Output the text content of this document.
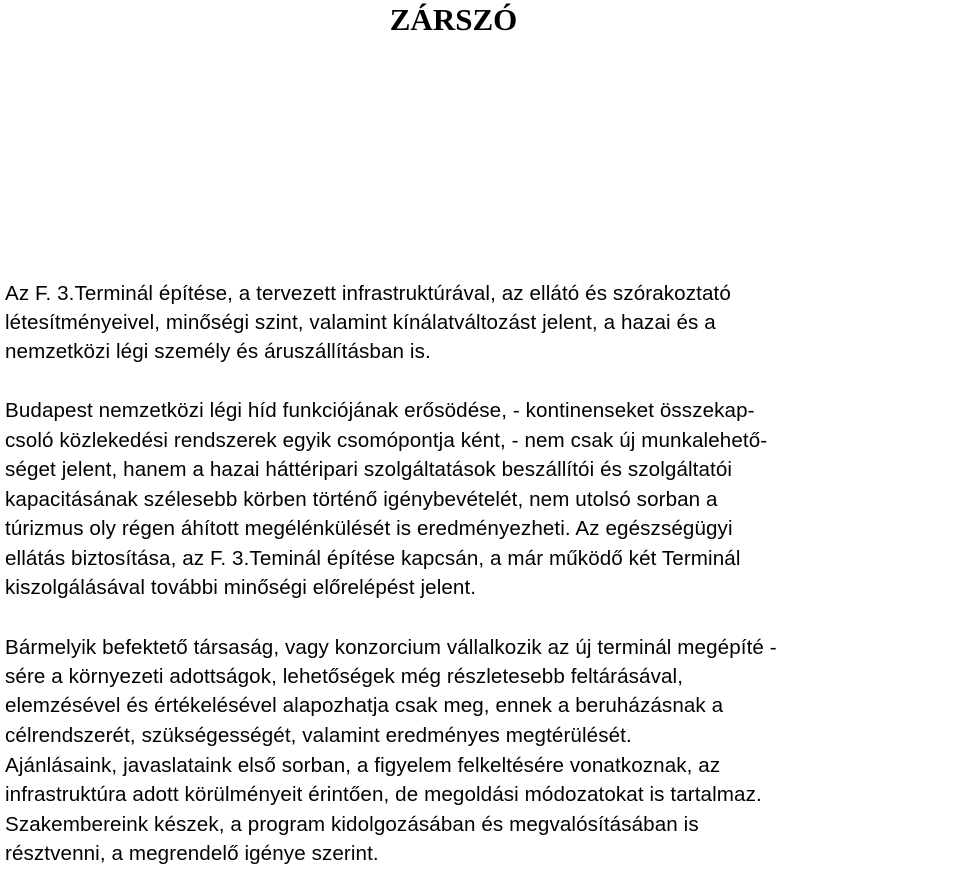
ZÁRSZÓ
Az F. 3.Terminál építése, a tervezett infrastruktúrával, az ellátó és szórakoztató
létesítményeivel, minőségi szint, valamint kínálatváltozást jelent, a hazai és a
nemzetközi légi személy és áruszállításban is.
Budapest nemzetközi légi híd funkciójának erősödése, - kontinenseket összekap-
csoló közlekedési rendszerek egyik csomópontja ként, - nem csak új munkalehető-
séget jelent, hanem a hazai háttéripari szolgáltatások beszállítói és szolgáltatói
kapacitásának szélesebb körben történő igénybevételét, nem utolsó sorban a
túrizmus oly régen áhított megélénkülését is eredményezheti. Az egészségügyi
ellátás biztosítása, az F. 3.Teminál építése kapcsán, a már működő két Terminál
kiszolgálásával további minőségi előrelépést jelent.
Bármelyik befektető társaság, vagy konzorcium vállalkozik az új terminál megépíté -
sére a környezeti adottságok, lehetőségek még részletesebb feltárásával,
elemzésével és értékelésével alapozhatja csak meg, ennek a beruházásnak a
célrendszerét, szükségességét, valamint eredményes megtérülését.
Ajánlásaink, javaslataink első sorban, a figyelem felkeltésére vonatkoznak, az
infrastruktúra adott körülményeit érintően, de megoldási módozatokat is tartalmaz.
Szakembereink készek, a program kidolgozásában és megvalósításában is
résztvenni, a megrendelő igénye szerint.
